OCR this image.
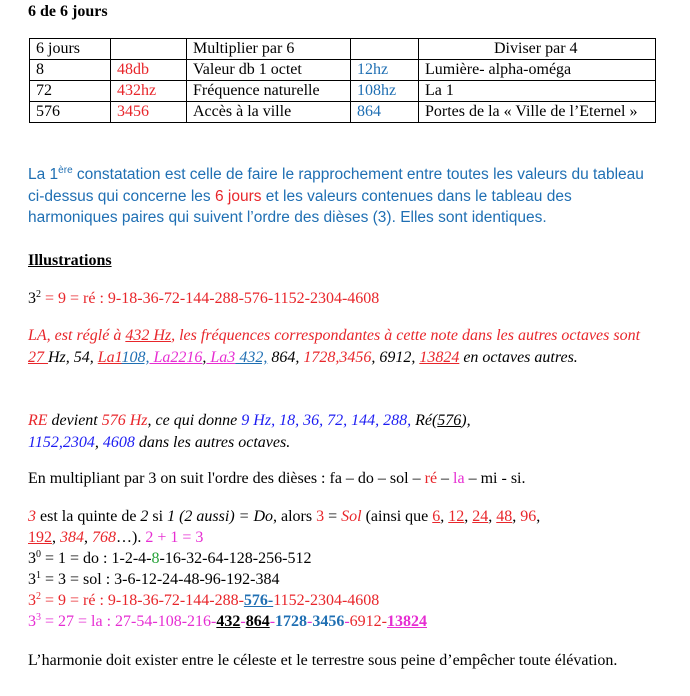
6 de 6 jours
6 jours		Multiplier par 6		Diviser par 4
8	48db	Valeur db 1 octet	12hz	Lumière- alpha-oméga
72	432hz	Fréquence naturelle	108hz	La 1
576	3456	Accès à la ville	864	Portes de la « Ville de l’Eternel »
La 1ère constatation est celle de faire le rapprochement entre toutes les valeurs du tableau ci-dessus qui concerne les 6 jours et les valeurs contenues dans le tableau des harmoniques paires qui suivent l’ordre des dièses (3). Elles sont identiques.
Illustrations
$3^2 = 9$ = ré : 9-18-36-72-144-288-576-1152-2304-4608
LA, est réglé à 432 Hz, les fréquences correspondantes à cette note dans les autres octaves sont 27 Hz, 54, La1108, La2216, La3 432, 864, 1728,3456, 6912, 13824 en octaves autres.
RE devient 576 Hz, ce qui donne 9 Hz, 18, 36, 72, 144, 288, Ré(576),
1152,2304, 4608 dans les autres octaves.
En multipliant par 3 on suit l'ordre des dièses : fa – do – sol – ré – la – mi - si.
3 est la quinte de 2 si 1 (2 aussi) = Do, alors 3 = Sol (ainsi que 6, 12, 24, 48, 96,
192, 384, 768…). 2 + 1 = 3
$3^0 = 1$ = do : 1-2-4-8-16-32-64-128-256-512
$3^1 = 3$ = sol : 3-6-12-24-48-96-192-384
$3^2 = 9$ = ré : 9-18-36-72-144-288-576-1152-2304-4608
$3^3 = 27$ = la : 27-54-108-216-432-864-1728-3456-6912-13824
L’harmonie doit exister entre le céleste et le terrestre sous peine d’empêcher toute élévation.
